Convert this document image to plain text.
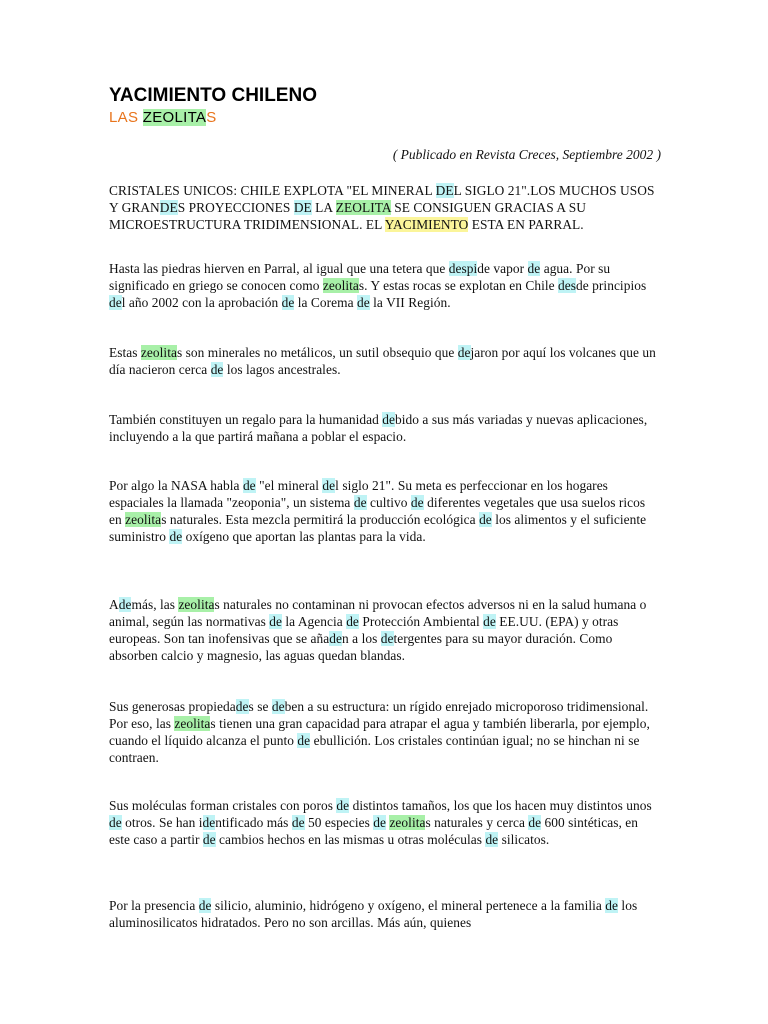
YACIMIENTO CHILENO
LAS ZEOLITAS
( Publicado en Revista Creces, Septiembre 2002 )
CRISTALES UNICOS: CHILE EXPLOTA "EL MINERAL DEL SIGLO 21".LOS MUCHOS USOS Y GRANDES PROYECCIONES DE LA ZEOLITA SE CONSIGUEN GRACIAS A SU MICROESTRUCTURA TRIDIMENSIONAL. EL YACIMIENTO ESTA EN PARRAL.

Hasta las piedras hierven en Parral, al igual que una tetera que despide vapor de agua. Por su significado en griego se conocen como zeolitas. Y estas rocas se explotan en Chile desde principios del año 2002 con la aprobación de la Corema de la VII Región.

Estas zeolitas son minerales no metálicos, un sutil obsequio que dejaron por aquí los volcanes que un día nacieron cerca de los lagos ancestrales.

También constituyen un regalo para la humanidad debido a sus más variadas y nuevas aplicaciones, incluyendo a la que partirá mañana a poblar el espacio.

Por algo la NASA habla de "el mineral del siglo 21". Su meta es perfeccionar en los hogares espaciales la llamada "zeoponia", un sistema de cultivo de diferentes vegetales que usa suelos ricos en zeolitas naturales. Esta mezcla permitirá la producción ecológica de los alimentos y el suficiente suministro de oxígeno que aportan las plantas para la vida.

Además, las zeolitas naturales no contaminan ni provocan efectos adversos ni en la salud humana o animal, según las normativas de la Agencia de Protección Ambiental de EE.UU. (EPA) y otras europeas. Son tan inofensivas que se añaden a los detergentes para su mayor duración. Como absorben calcio y magnesio, las aguas quedan blandas.

Sus generosas propiedades se deben a su estructura: un rígido enrejado microporoso tridimensional. Por eso, las zeolitas tienen una gran capacidad para atrapar el agua y también liberarla, por ejemplo, cuando el líquido alcanza el punto de ebullición. Los cristales continúan igual; no se hinchan ni se contraen.

Sus moléculas forman cristales con poros de distintos tamaños, los que los hacen muy distintos unos de otros. Se han identificado más de 50 especies de zeolitas naturales y cerca de 600 sintéticas, en este caso a partir de cambios hechos en las mismas u otras moléculas de silicatos.

Por la presencia de silicio, aluminio, hidrógeno y oxígeno, el mineral pertenece a la familia de los aluminosilicatos hidratados. Pero no son arcillas. Más aún, quienes
